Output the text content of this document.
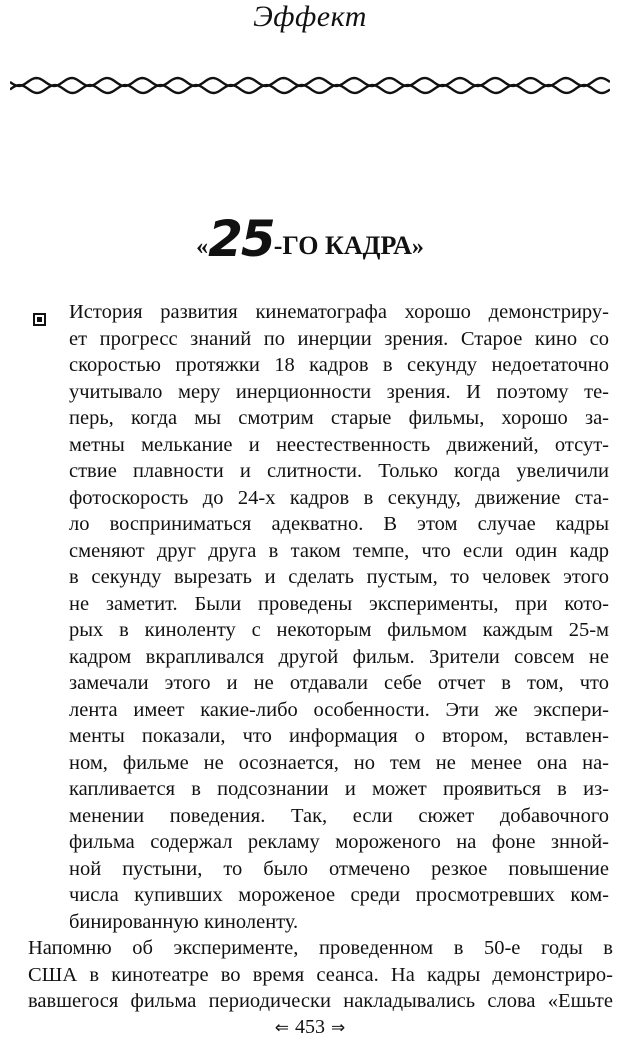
Эффект
«25-ГО КАДРА»
История развития кинематографа хорошо демонстриру-
ет прогресс знаний по инерции зрения. Старое кино со
скоростью протяжки 18 кадров в секунду недоетаточно
учитывало меру инерционности зрения. И поэтому те-
перь, когда мы смотрим старые фильмы, хорошо за-
метны мелькание и неестественность движений, отсут-
ствие плавности и слитности. Только когда увеличили
фотоскорость до 24-х кадров в секунду, движение ста-
ло восприниматься адекватно. В этом случае кадры
сменяют друг друга в таком темпе, что если один кадр
в секунду вырезать и сделать пустым, то человек этого
не заметит. Были проведены эксперименты, при кото-
рых в киноленту с некоторым фильмом каждым 25-м
кадром вкрапливался другой фильм. Зрители совсем не
замечали этого и не отдавали себе отчет в том, что
лента имеет какие-либо особенности. Эти же экспери-
менты показали, что информация о втором, вставлен-
ном, фильме не осознается, но тем не менее она на-
капливается в подсознании и может проявиться в из-
менении поведения. Так, если сюжет добавочного
фильма содержал рекламу мороженого на фоне знной-
ной пустыни, то было отмечено резкое повышение
числа купивших мороженое среди просмотревших ком-
бинированную киноленту.
Напомню об эксперименте, проведенном в 50-е годы в
США в кинотеатре во время сеанса. На кадры демонстриро-
вавшегося фильма периодически накладывались слова «Ешьте
⇐ 453 ⇒
